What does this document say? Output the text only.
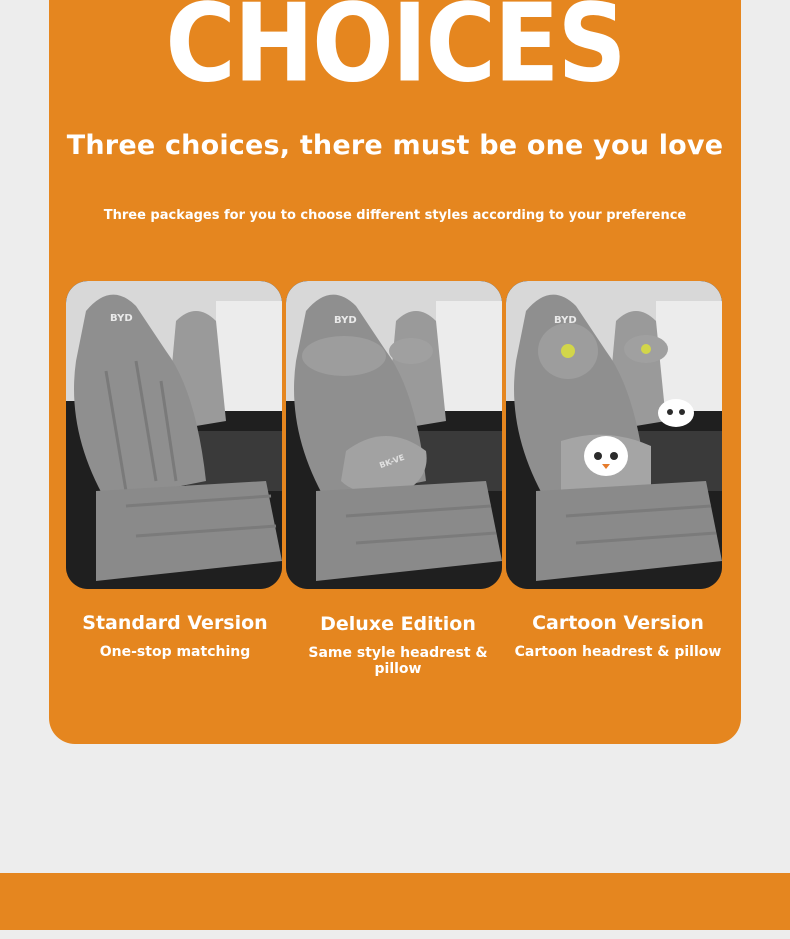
CHOICES
Three choices, there must be one you love
Three packages for you to choose different styles according to your preference
BYD	BYD
BK-VE
BYD
Standard Version
One-stop matching
Deluxe Edition
Same style headrest & pillow
Cartoon Version
Cartoon headrest & pillow
